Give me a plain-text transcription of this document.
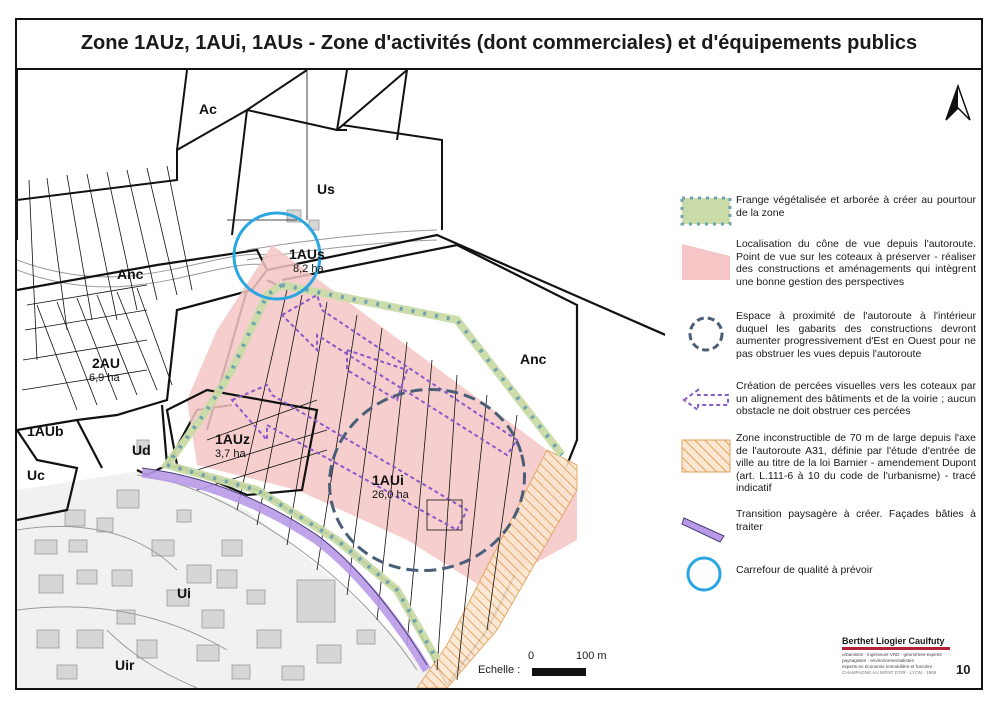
Zone 1AUz, 1AUi, 1AUs - Zone d'activités (dont commerciales) et d'équipements publics
Ac
Us
Anc
1AUs
8,2 ha
2AU
6,9 ha
Anc
1AUb
Ud
1AUz
3,7 ha
1AUi
26,0 ha
Uc
Ui
Uir
Frange végétalisée et arborée à créer au pourtour de la zone
Localisation du cône de vue depuis l'autoroute. Point de vue sur les coteaux à préserver - réaliser des constructions et aménagements qui intègrent une bonne gestion des perspectives
Espace à proximité de l'autoroute à l'intérieur duquel les gabarits des constructions devront aumenter progressivement d'Est en Ouest pour ne pas obstruer les vues depuis l'autoroute
Création de percées visuelles vers les coteaux par un alignement des bâtiments et de la voirie ; aucun obstacle ne doit obstruer ces percées
Zone inconstructible de 70 m de large depuis l'axe de l'autoroute A31, définie par l'étude d'entrée de ville au titre de la loi Barnier - amendement Dupont (art. L.111-6 à 10 du code de l'urbanisme) - tracé indicatif
Transition paysagère à créer. Façades bâties à traiter
Carrefour de qualité à prévoir
Echelle :
0	100 m
Berthet Liogier Caulfuty
urbanistes · ingénieurs VRD · géomètres-experts
paysagistes · environnementalistes
experts en économie immobilière et foncière
CHAMPAGNE AU MONT D'OR · LYON · 1966	10
